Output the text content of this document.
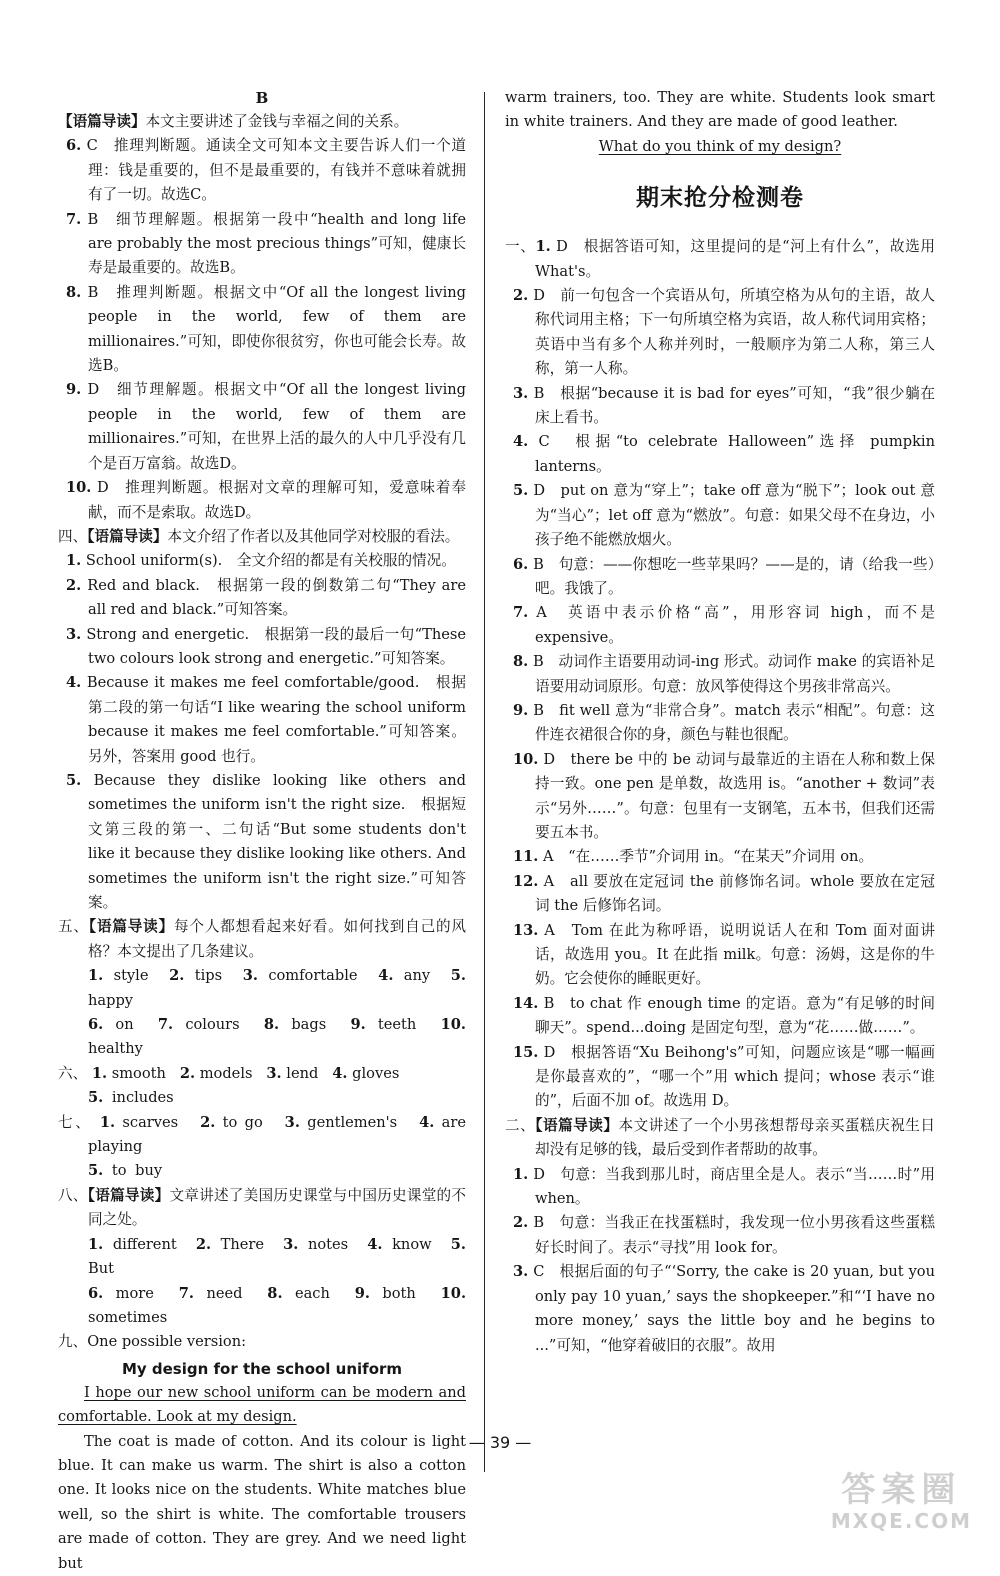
B

【语篇导读】本文主要讲述了金钱与幸福之间的关系。

6. C　推理判断题。通读全文可知本文主要告诉人们一个道理：钱是重要的，但不是最重要的，有钱并不意味着就拥有了一切。故选C。

7. B　细节理解题。根据第一段中“health and long life are probably the most precious things”可知，健康长寿是最重要的。故选B。

8. B　推理判断题。根据文中“Of all the longest living people in the world, few of them are millionaires.”可知，即使你很贫穷，你也可能会长寿。故选B。

9. D　细节理解题。根据文中“Of all the longest living people in the world, few of them are millionaires.”可知，在世界上活的最久的人中几乎没有几个是百万富翁。故选D。

10. D　推理判断题。根据对文章的理解可知，爱意味着奉献，而不是索取。故选D。

四、【语篇导读】本文介绍了作者以及其他同学对校服的看法。

1. School uniform(s).　全文介绍的都是有关校服的情况。

2. Red and black.　根据第一段的倒数第二句“They are all red and black.”可知答案。

3. Strong and energetic.　根据第一段的最后一句“These two colours look strong and energetic.”可知答案。

4. Because it makes me feel comfortable/good.　根据第二段的第一句话“I like wearing the school uniform because it makes me feel comfortable.”可知答案。另外，答案用 good 也行。

5. Because they dislike looking like others and sometimes the uniform isn't the right size.　根据短文第三段的第一、二句话“But some students don't like it because they dislike looking like others. And sometimes the uniform isn't the right size.”可知答案。

五、【语篇导读】每个人都想看起来好看。如何找到自己的风格？本文提出了几条建议。

1. style 2. tips 3. comfortable 4. any 5. happy

6. on 7. colours 8. bags 9. teeth 10. healthy

六、 1. smooth 2. models 3. lend 4. gloves

5. includes

七、 1. scarves 2. to go 3. gentlemen's 4. are playing

5. to buy

八、【语篇导读】文章讲述了美国历史课堂与中国历史课堂的不同之处。

1. different 2. There 3. notes 4. know 5. But

6. more 7. need 8. each 9. both 10. sometimes

九、One possible version:

My design for the school uniform

I hope our new school uniform can be modern and comfortable. Look at my design.

The coat is made of cotton. And its colour is light blue. It can make us warm. The shirt is also a cotton one. It looks nice on the students. White matches blue well, so the shirt is white. The comfortable trousers are made of cotton. They are grey. And we need light but

warm trainers, too. They are white. Students look smart in white trainers. And they are made of good leather.

What do you think of my design?

期末抢分检测卷

一、1. D　根据答语可知，这里提问的是“河上有什么”，故选用 What's。

2. D　前一句包含一个宾语从句，所填空格为从句的主语，故人称代词用主格；下一句所填空格为宾语，故人称代词用宾格；英语中当有多个人称并列时，一般顺序为第二人称，第三人称，第一人称。

3. B　根据“because it is bad for eyes”可知，“我”很少躺在床上看书。

4. C　根据“to celebrate Halloween”选择 pumpkin lanterns。

5. D　put on 意为“穿上”；take off 意为“脱下”；look out 意为“当心”；let off 意为“燃放”。句意：如果父母不在身边，小孩子绝不能燃放烟火。

6. B　句意：——你想吃一些苹果吗？——是的，请（给我一些）吧。我饿了。

7. A　英语中表示价格“高”，用形容词 high，而不是 expensive。

8. B　动词作主语要用动词-ing 形式。动词作 make 的宾语补足语要用动词原形。句意：放风筝使得这个男孩非常高兴。

9. B　fit well 意为“非常合身”。match 表示“相配”。句意：这件连衣裙很合你的身，颜色与鞋也很配。

10. D　there be 中的 be 动词与最靠近的主语在人称和数上保持一致。one pen 是单数，故选用 is。“another + 数词”表示“另外……”。句意：包里有一支钢笔，五本书，但我们还需要五本书。

11. A　“在……季节”介词用 in。“在某天”介词用 on。

12. A　all 要放在定冠词 the 前修饰名词。whole 要放在定冠词 the 后修饰名词。

13. A　Tom 在此为称呼语，说明说话人在和 Tom 面对面讲话，故选用 you。It 在此指 milk。句意：汤姆，这是你的牛奶。它会使你的睡眠更好。

14. B　to chat 作 enough time 的定语。意为“有足够的时间聊天”。spend...doing 是固定句型，意为“花……做……”。

15. D　根据答语“Xu Beihong's”可知，问题应该是“哪一幅画是你最喜欢的”，“哪一个”用 which 提问；whose 表示“谁的”，后面不加 of。故选用 D。

二、【语篇导读】本文讲述了一个小男孩想帮母亲买蛋糕庆祝生日却没有足够的钱，最后受到作者帮助的故事。

1. D　句意：当我到那儿时，商店里全是人。表示“当……时”用 when。

2. B　句意：当我正在找蛋糕时，我发现一位小男孩看这些蛋糕好长时间了。表示“寻找”用 look for。

3. C　根据后面的句子“‘Sorry, the cake is 20 yuan, but you only pay 10 yuan,’ says the shopkeeper.”和“‘I have no more money,’ says the little boy and he begins to ...”可知，“他穿着破旧的衣服”。故用

— 39 —
答案圈
MXQE.COM
